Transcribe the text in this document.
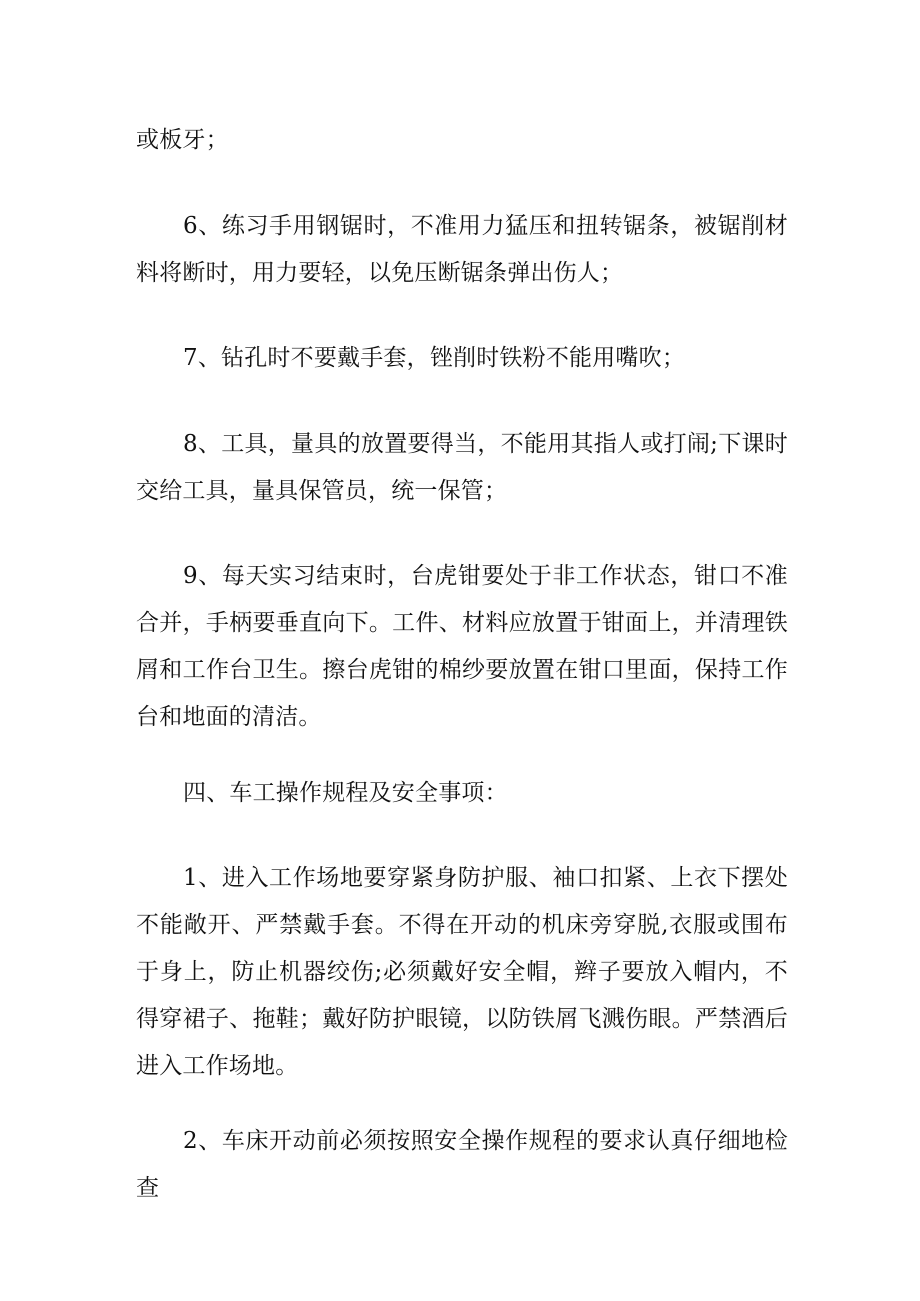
或板牙；

6、练习手用钢锯时，不准用力猛压和扭转锯条，被锯削材料将断时，用力要轻，以免压断锯条弹出伤人；

7、钻孔时不要戴手套，锉削时铁粉不能用嘴吹；

8、工具，量具的放置要得当，不能用其指人或打闹;下课时交给工具，量具保管员，统一保管；

9、每天实习结束时，台虎钳要处于非工作状态，钳口不准合并，手柄要垂直向下。工件、材料应放置于钳面上，并清理铁屑和工作台卫生。擦台虎钳的棉纱要放置在钳口里面，保持工作台和地面的清洁。

四、车工操作规程及安全事项：

1、进入工作场地要穿紧身防护服、袖口扣紧、上衣下摆处不能敞开、严禁戴手套。不得在开动的机床旁穿脱,衣服或围布于身上，防止机器绞伤;必须戴好安全帽，辫子要放入帽内，不得穿裙子、拖鞋；戴好防护眼镜，以防铁屑飞溅伤眼。严禁酒后进入工作场地。

2、车床开动前必须按照安全操作规程的要求认真仔细地检查
